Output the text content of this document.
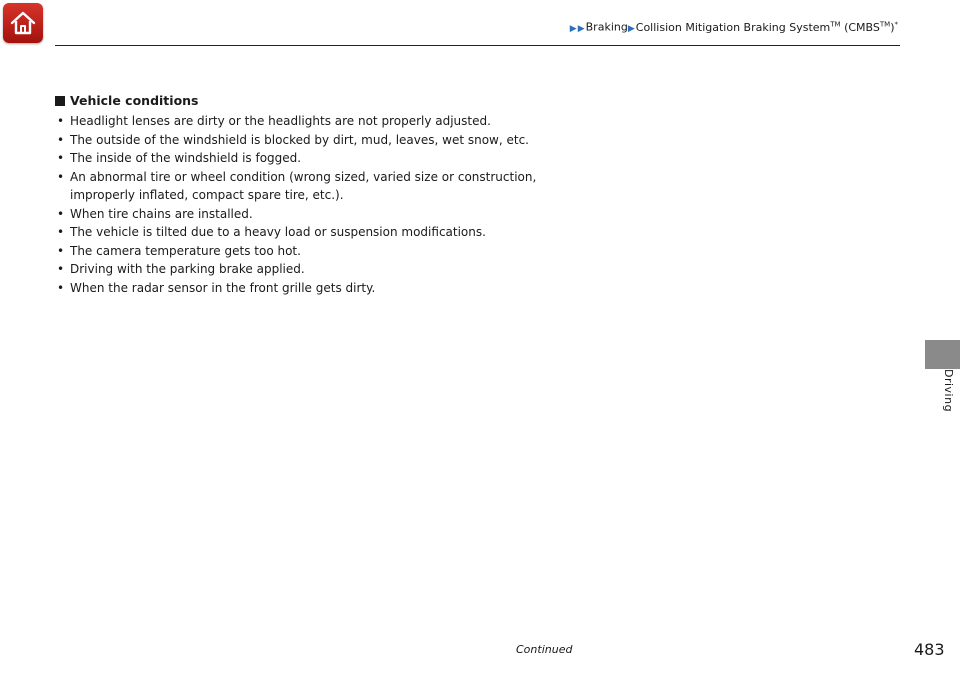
▶▶Braking▶Collision Mitigation Braking System™ (CMBS™)*
Vehicle conditions
• Headlight lenses are dirty or the headlights are not properly adjusted.
• The outside of the windshield is blocked by dirt, mud, leaves, wet snow, etc.
• The inside of the windshield is fogged.
• An abnormal tire or wheel condition (wrong sized, varied size or construction,
improperly inflated, compact spare tire, etc.).
• When tire chains are installed.
• The vehicle is tilted due to a heavy load or suspension modifications.
• The camera temperature gets too hot.
• Driving with the parking brake applied.
• When the radar sensor in the front grille gets dirty.
Driving
Continued	483
